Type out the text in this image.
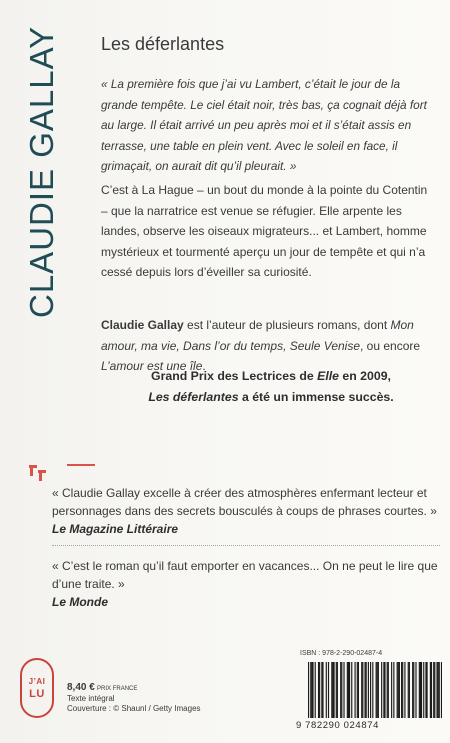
CLAUDIE GALLAY Les déferlantes
« La première fois que j’ai vu Lambert, c’était le jour de la grande tempête. Le ciel était noir, très bas, ça cognait déjà fort au large. Il était arrivé un peu après moi et il s’était assis en terrasse, une table en plein vent. Avec le soleil en face, il grimaçait, on aurait dit qu’il pleurait. »
C’est à La Hague – un bout du monde à la pointe du Cotentin – que la narratrice est venue se réfugier. Elle arpente les landes, observe les oiseaux migrateurs... et Lambert, homme mystérieux et tourmenté aperçu un jour de tempête et qui n’a cessé depuis lors d’éveiller sa curiosité.
Claudie Gallay est l’auteur de plusieurs romans, dont Mon amour, ma vie, Dans l’or du temps, Seule Venise, ou encore L’amour est une île.
Grand Prix des Lectrices de Elle en 2009,
Les déferlantes a été un immense succès.
« Claudie Gallay excelle à créer des atmosphères enfermant lecteur et personnages dans des secrets bousculés à coups de phrases courtes. »
Le Magazine Littéraire
« C’est le roman qu’il faut emporter en vacances... On ne peut le lire que d’une traite. »
Le Monde
J’AI
LU
8,40 € PRIX FRANCE
Texte intégral
Couverture : © Shaunl / Getty Images
ISBN : 978-2-290-02487-4
9 782290 024874
